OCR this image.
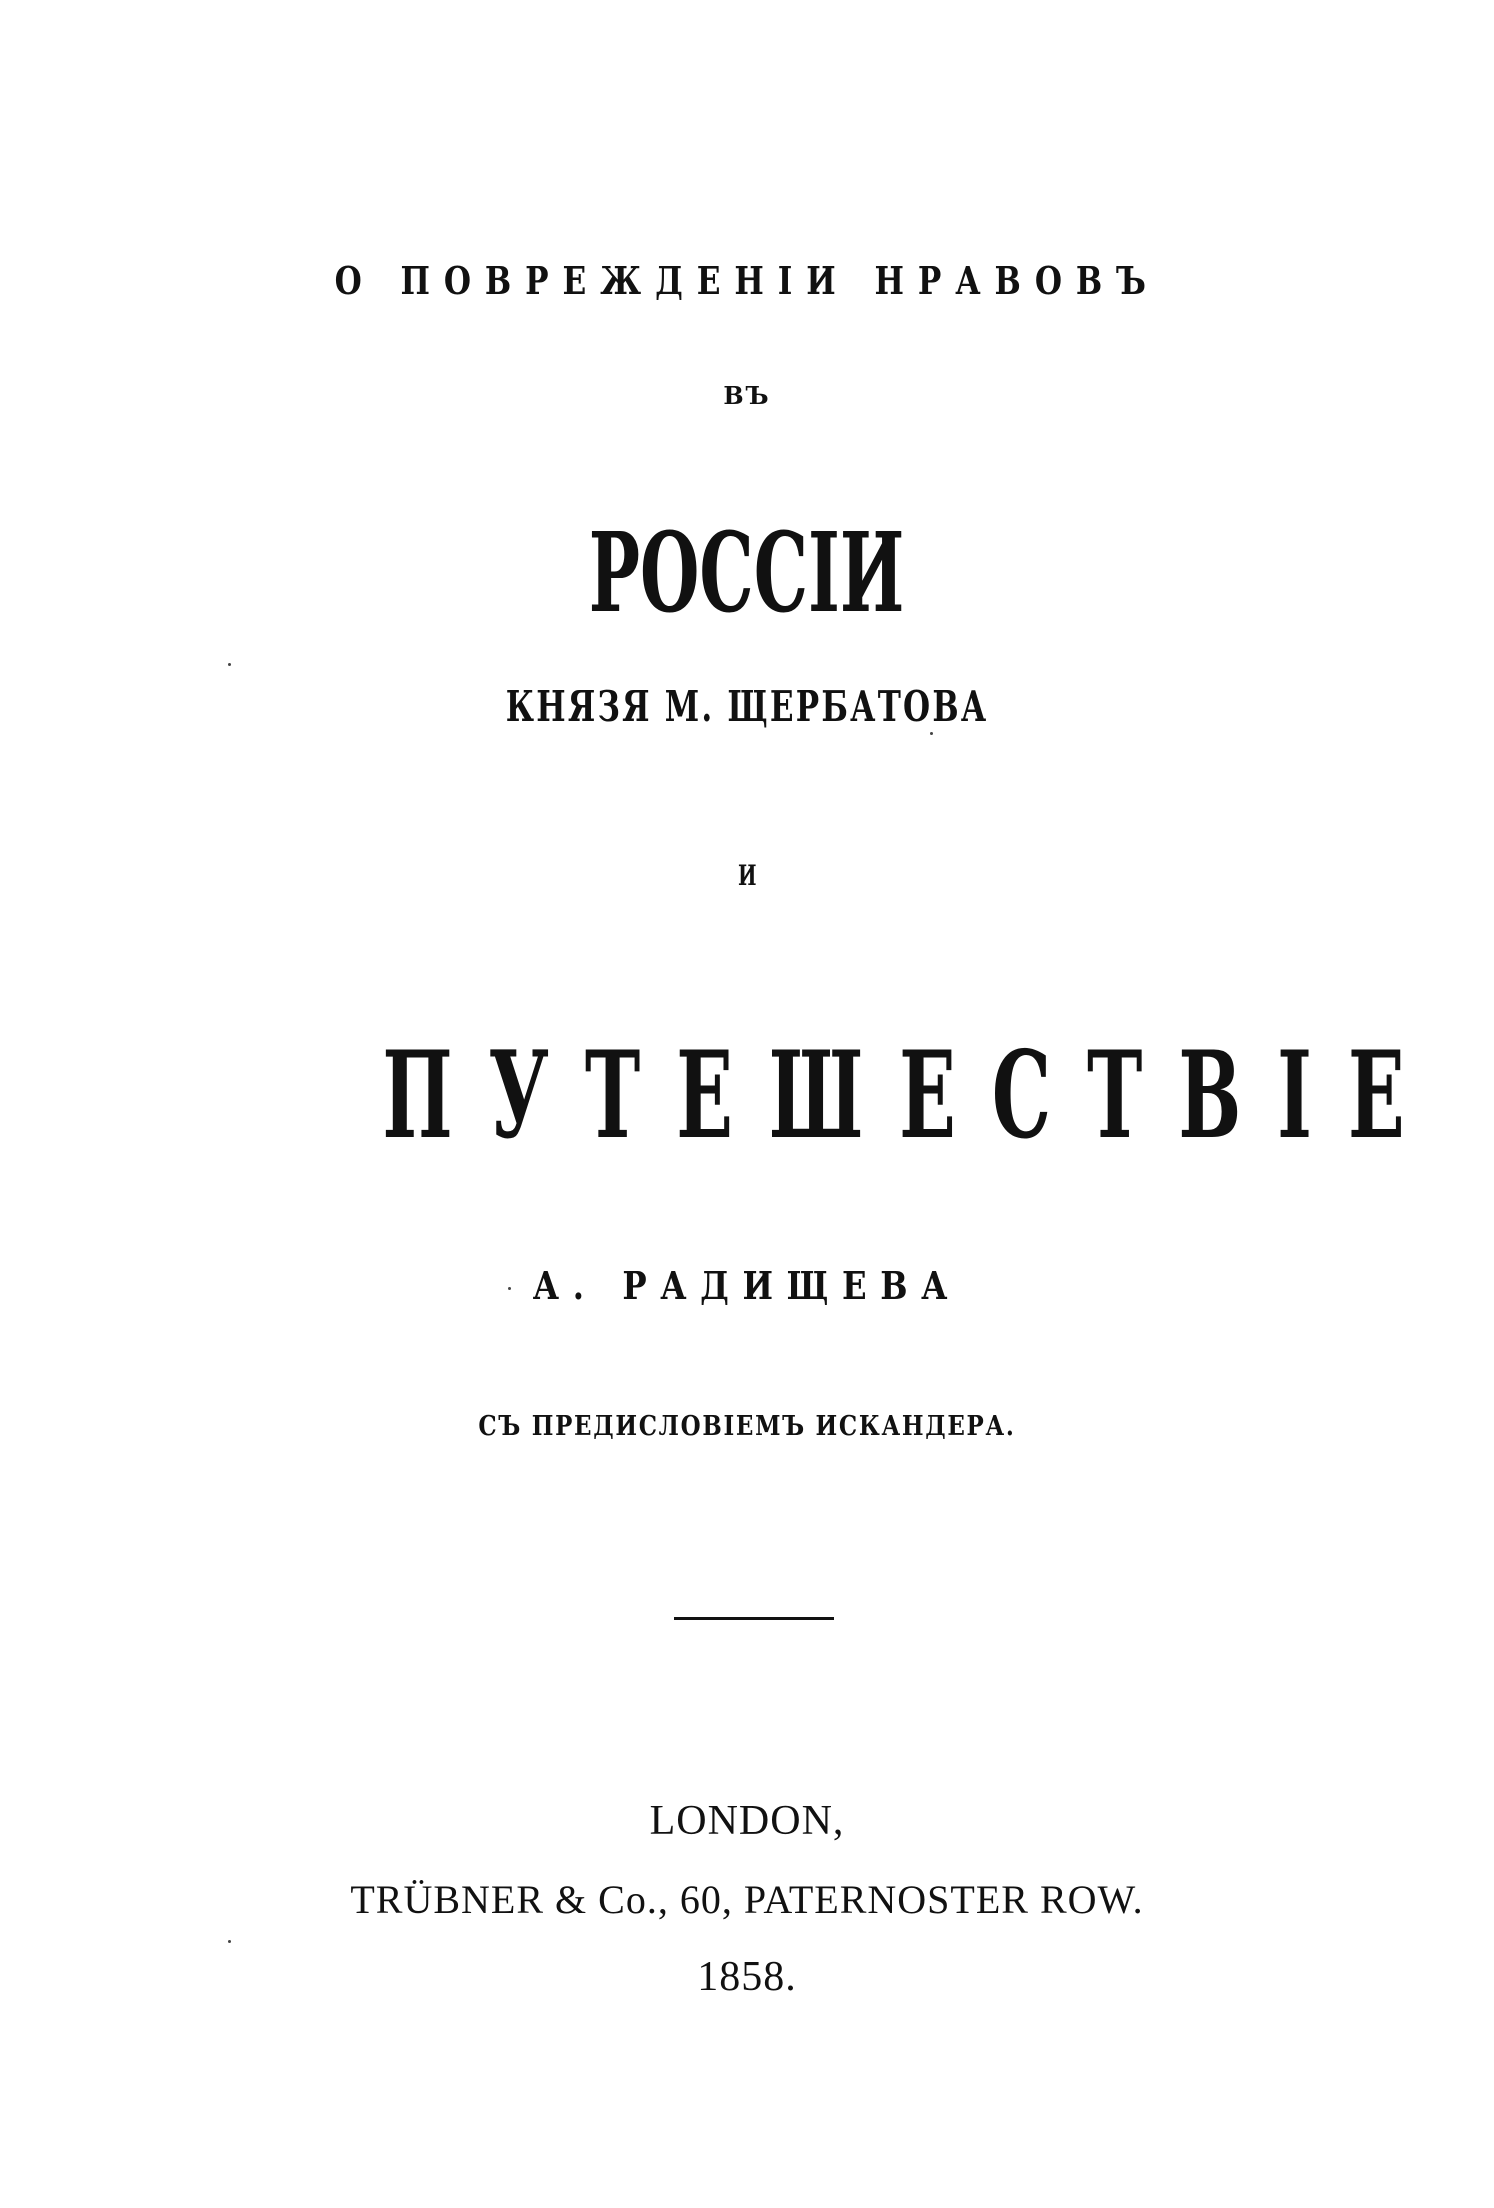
О ПОВРЕЖДЕНІИ НРАВОВЪ
ВЪ
РОССІИ
КНЯЗЯ М. ЩЕРБАТОВА
И
ПУТЕШЕСТВІЕ
А. РАДИЩЕВА
СЪ ПРЕДИСЛОВІЕМЪ ИСКАНДЕРА.
LONDON,
TRÜBNER & Co., 60, PATERNOSTER ROW.
1858.
